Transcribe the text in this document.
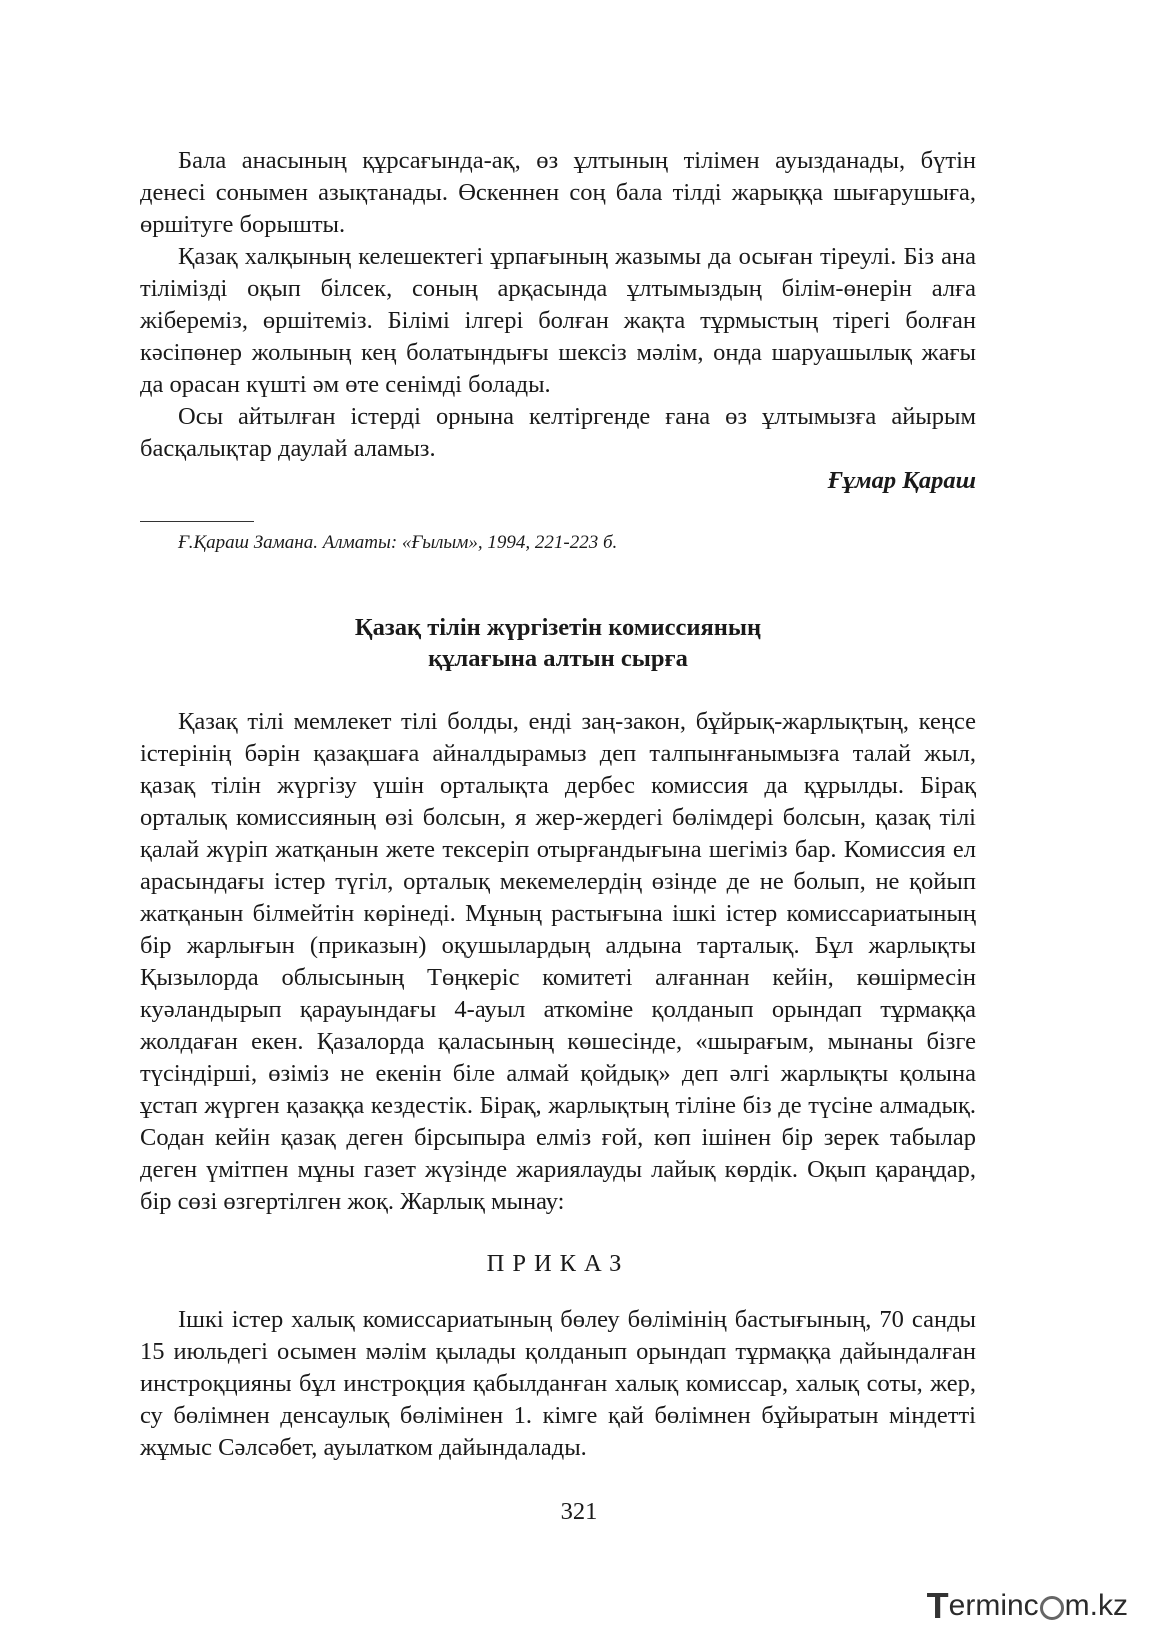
Бала анасының құрсағында-ақ, өз ұлтының тілімен ауызданады, бүтін денесі сонымен азықтанады. Өскеннен соң бала тілді жарыққа шығарушыға, өршітуге борышты.

Қазақ халқының келешектегі ұрпағының жазымы да осыған тіреулі. Біз ана тілімізді оқып білсек, соның арқасында ұлтымыздың білім-өнерін алға жібереміз, өршітеміз. Білімі ілгері болған жақта тұрмыстың тірегі болған кәсіпөнер жолының кең болатындығы шексіз мәлім, онда шаруашылық жағы да орасан күшті әм өте сенімді болады.

Осы айтылған істерді орнына келтіргенде ғана өз ұлтымызға айырым басқалықтар даулай аламыз.

Ғұмар Қараш

Ғ.Қараш Замана. Алматы: «Ғылым», 1994, 221-223 б.

Қазақ тілін жүргізетін комиссияның
құлағына алтын сырға

Қазақ тілі мемлекет тілі болды, енді заң-закон, бұйрық-жарлықтың, кеңсе істерінің бәрін қазақшаға айналдырамыз деп талпынғанымызға талай жыл, қазақ тілін жүргізу үшін орталықта дербес комиссия да құрылды. Бірақ орталық комиссияның өзі болсын, я жер-жердегі бөлімдері болсын, қазақ тілі қалай жүріп жатқанын жете тексеріп отырғандығына шегіміз бар. Комиссия ел арасындағы істер түгіл, орталық мекемелердің өзінде де не болып, не қойып жатқанын білмейтін көрінеді. Мұның растығына ішкі істер комиссариатының бір жарлығын (приказын) оқушылардың алдына тарталық. Бұл жарлықты Қызылорда облысының Төңкеріс комитеті алғаннан кейін, көшірмесін куәландырып қарауындағы 4-ауыл аткоміне қолданып орындап тұрмаққа жолдаған екен. Қазалорда қаласының көшесінде, «шырағым, мынаны бізге түсіндірші, өзіміз не екенін біле алмай қойдық» деп әлгі жарлықты қолына ұстап жүрген қазаққа кездестік. Бірақ, жарлықтың тіліне біз де түсіне алмадық. Содан кейін қазақ деген бірсыпыра елміз ғой, көп ішінен бір зерек табылар деген үмітпен мұны газет жүзінде жариялауды лайық көрдік. Оқып қараңдар, бір сөзі өзгертілген жоқ. Жарлық мынау:

ПРИКАЗ

Ішкі істер халық комиссариатының бөлеу бөлімінің бастығының, 70 санды 15 июльдегі осымен мәлім қылады қолданып орындап тұрмаққа дайындалған инстроқцияны бұл инстроқция қабылданған халық комиссар, халық соты, жер, су бөлімнен денсаулық бөлімінен 1. кімге қай бөлімнен бұйыратын міндетті жұмыс Сәлсәбет, ауылатком дайындалады.

321
T erminc m.kz
